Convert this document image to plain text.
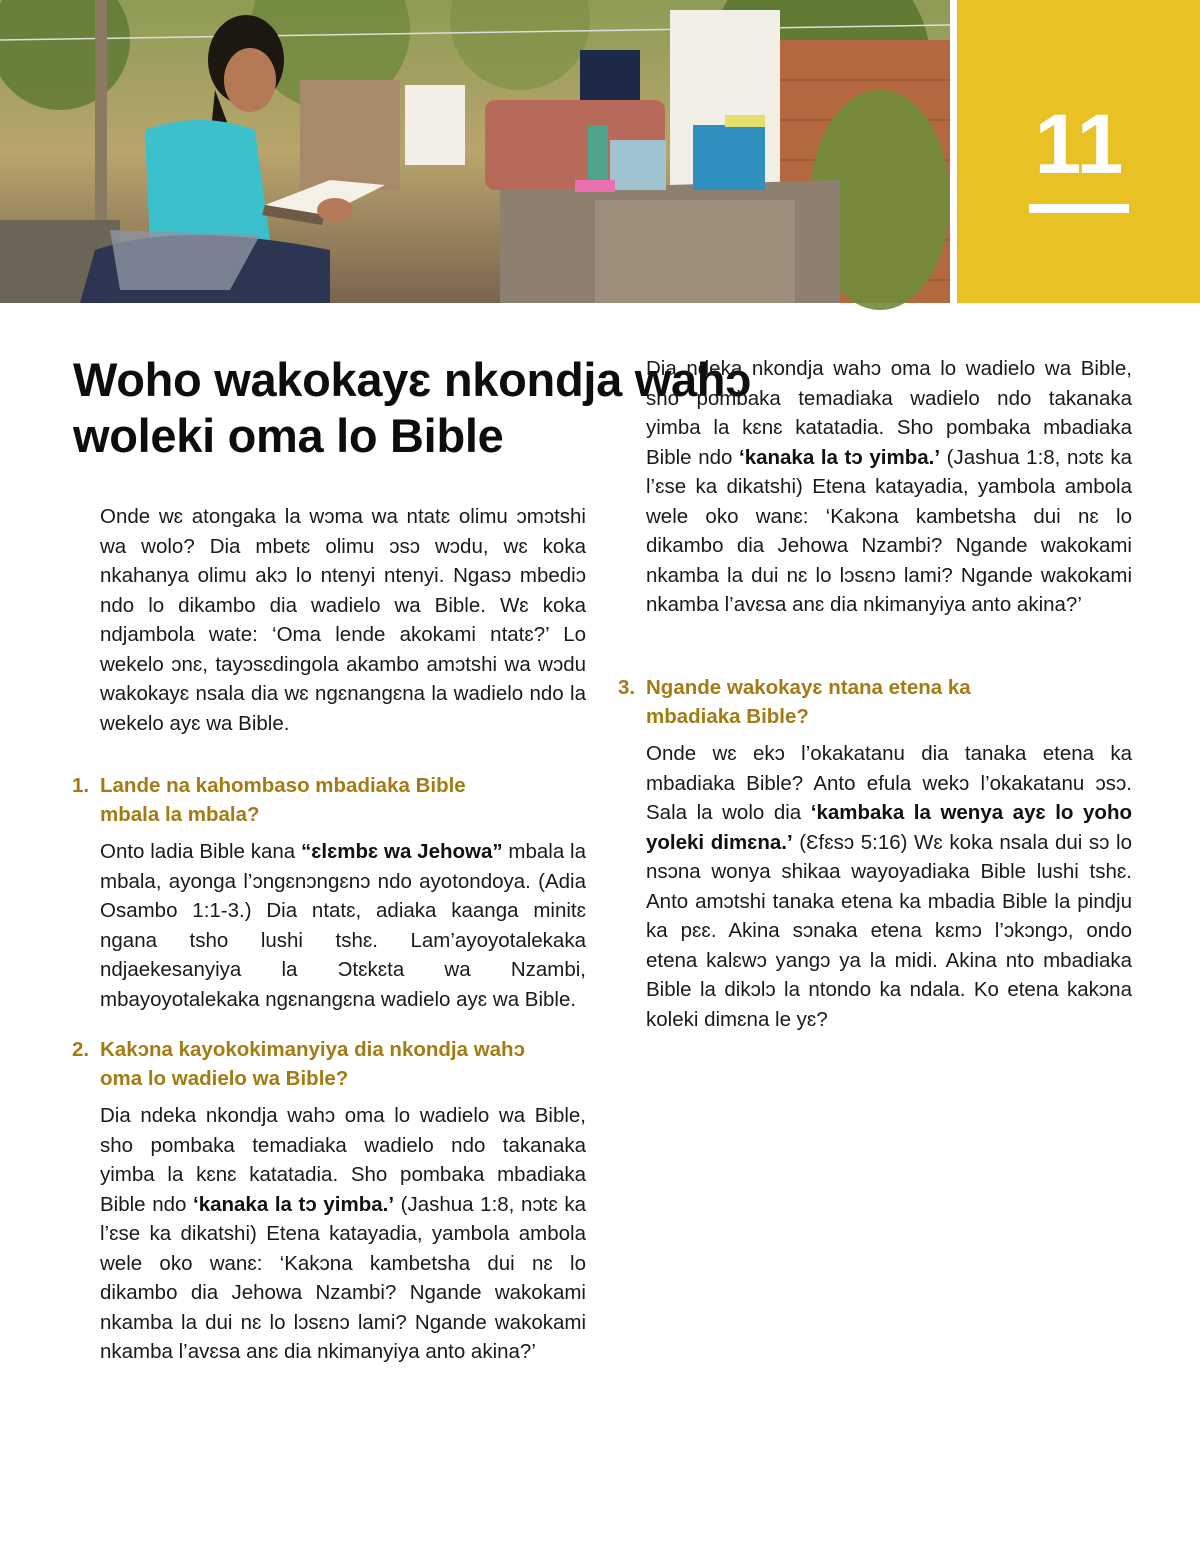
11
Woho wakokayɛ nkondja wahɔ
woleki oma lo Bible

Onde wɛ atongaka la wɔma wa ntatɛ olimu ɔmɔtshi wa wolo? Dia mbetɛ olimu ɔsɔ wɔdu, wɛ koka nkahanya olimu akɔ lo ntenyi ntenyi. Ngasɔ mbediɔ ndo lo dikambo dia wadielo wa Bible. Wɛ koka ndjambola wate: ‘Oma lende akokami ntatɛ?’ Lo wekelo ɔnɛ, tayɔsɛdingola akambo amɔtshi wa wɔdu wakokayɛ nsala dia wɛ ngɛnangɛna la wadielo ndo la wekelo ayɛ wa Bible.

1. Lande na kahombaso mbadiaka Bible
mbala la mbala?

Onto ladia Bible kana “ɛlɛmbɛ wa Jehowa” mbala la mbala, ayonga l’ɔngɛnɔngɛnɔ ndo ayotondoya. (Adia Osambo 1:1-3.) Dia ntatɛ, adiaka kaanga minitɛ ngana tsho lushi tshɛ. Lam’ayoyotalekaka ndjaekesanyiya la Ɔtɛkɛta wa Nzambi, mbayoyotalekaka ngɛnangɛna wadielo ayɛ wa Bible.

2. Kakɔna kayokokimanyiya dia nkondja wahɔ
oma lo wadielo wa Bible?

Dia ndeka nkondja wahɔ oma lo wadielo wa Bible, sho pombaka temadiaka wadielo ndo takanaka yimba la kɛnɛ katatadia. Sho pombaka mbadiaka Bible ndo ‘kanaka la tɔ yimba.’ (Jashua 1:8, nɔtɛ ka l’ɛse ka dikatshi) Etena katayadia, yambola ambola wele oko wanɛ: ‘Kakɔna kambetsha dui nɛ lo dikambo dia Jehowa Nzambi? Ngande wakokami nkamba la dui nɛ lo lɔsɛnɔ lami? Ngande wakokami nkamba l’avɛsa anɛ dia nkimanyiya anto akina?’

Dia ndeka nkondja wahɔ oma lo wadielo wa Bible, sho pombaka temadiaka wadielo ndo takanaka yimba la kɛnɛ katatadia. Sho pombaka mbadiaka Bible ndo ‘kanaka la tɔ yimba.’ (Jashua 1:8, nɔtɛ ka l’ɛse ka dikatshi) Etena katayadia, yambola ambola wele oko wanɛ: ‘Kakɔna kambetsha dui nɛ lo dikambo dia Jehowa Nzambi? Ngande wakokami nkamba la dui nɛ lo lɔsɛnɔ lami? Ngande wakokami nkamba l’avɛsa anɛ dia nkimanyiya anto akina?’

3. Ngande wakokayɛ ntana etena ka
mbadiaka Bible?

Onde wɛ ekɔ l’okakatanu dia tanaka etena ka mbadiaka Bible? Anto efula wekɔ l’okakatanu ɔsɔ. Sala la wolo dia ‘kambaka la wenya ayɛ lo yoho yoleki dimɛna.’ (Ɛfɛsɔ 5:16) Wɛ koka nsala dui sɔ lo nsɔna wonya shikaa wayoyadiaka Bible lushi tshɛ. Anto amɔtshi tanaka etena ka mbadia Bible la pindju ka pɛɛ. Akina sɔnaka etena kɛmɔ l’ɔkɔngɔ, ondo etena kalɛwɔ yangɔ ya la midi. Akina nto mbadiaka Bible la dikɔlɔ la ntondo ka ndala. Ko etena kakɔna koleki dimɛna le yɛ?
